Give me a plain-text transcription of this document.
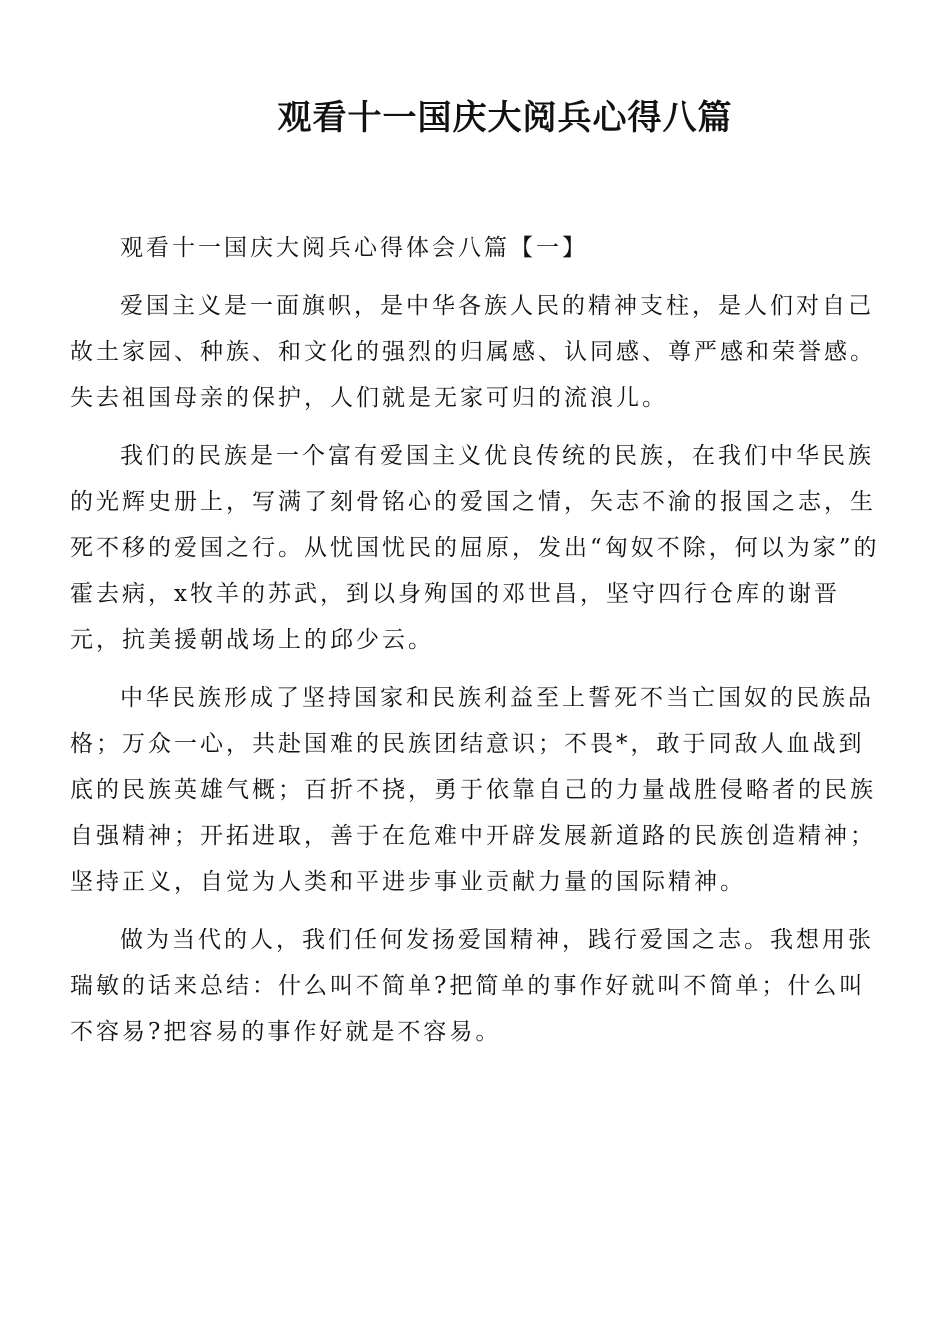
观看十一国庆大阅兵心得八篇

观看十一国庆大阅兵心得体会八篇【一】

爱国主义是一面旗帜，是中华各族人民的精神支柱，是人们对自己故土家园、种族、和文化的强烈的归属感、认同感、尊严感和荣誉感。失去祖国母亲的保护，人们就是无家可归的流浪儿。

我们的民族是一个富有爱国主义优良传统的民族，在我们中华民族的光辉史册上，写满了刻骨铭心的爱国之情，矢志不渝的报国之志，生死不移的爱国之行。从忧国忧民的屈原，发出“匈奴不除，何以为家”的霍去病，x牧羊的苏武，到以身殉国的邓世昌，坚守四行仓库的谢晋元，抗美援朝战场上的邱少云。

中华民族形成了坚持国家和民族利益至上誓死不当亡国奴的民族品格；万众一心，共赴国难的民族团结意识；不畏*，敢于同敌人血战到底的民族英雄气概；百折不挠，勇于依靠自己的力量战胜侵略者的民族自强精神；开拓进取，善于在危难中开辟发展新道路的民族创造精神；坚持正义，自觉为人类和平进步事业贡献力量的国际精神。

做为当代的人，我们任何发扬爱国精神，践行爱国之志。我想用张瑞敏的话来总结：什么叫不简单?把简单的事作好就叫不简单；什么叫不容易?把容易的事作好就是不容易。
